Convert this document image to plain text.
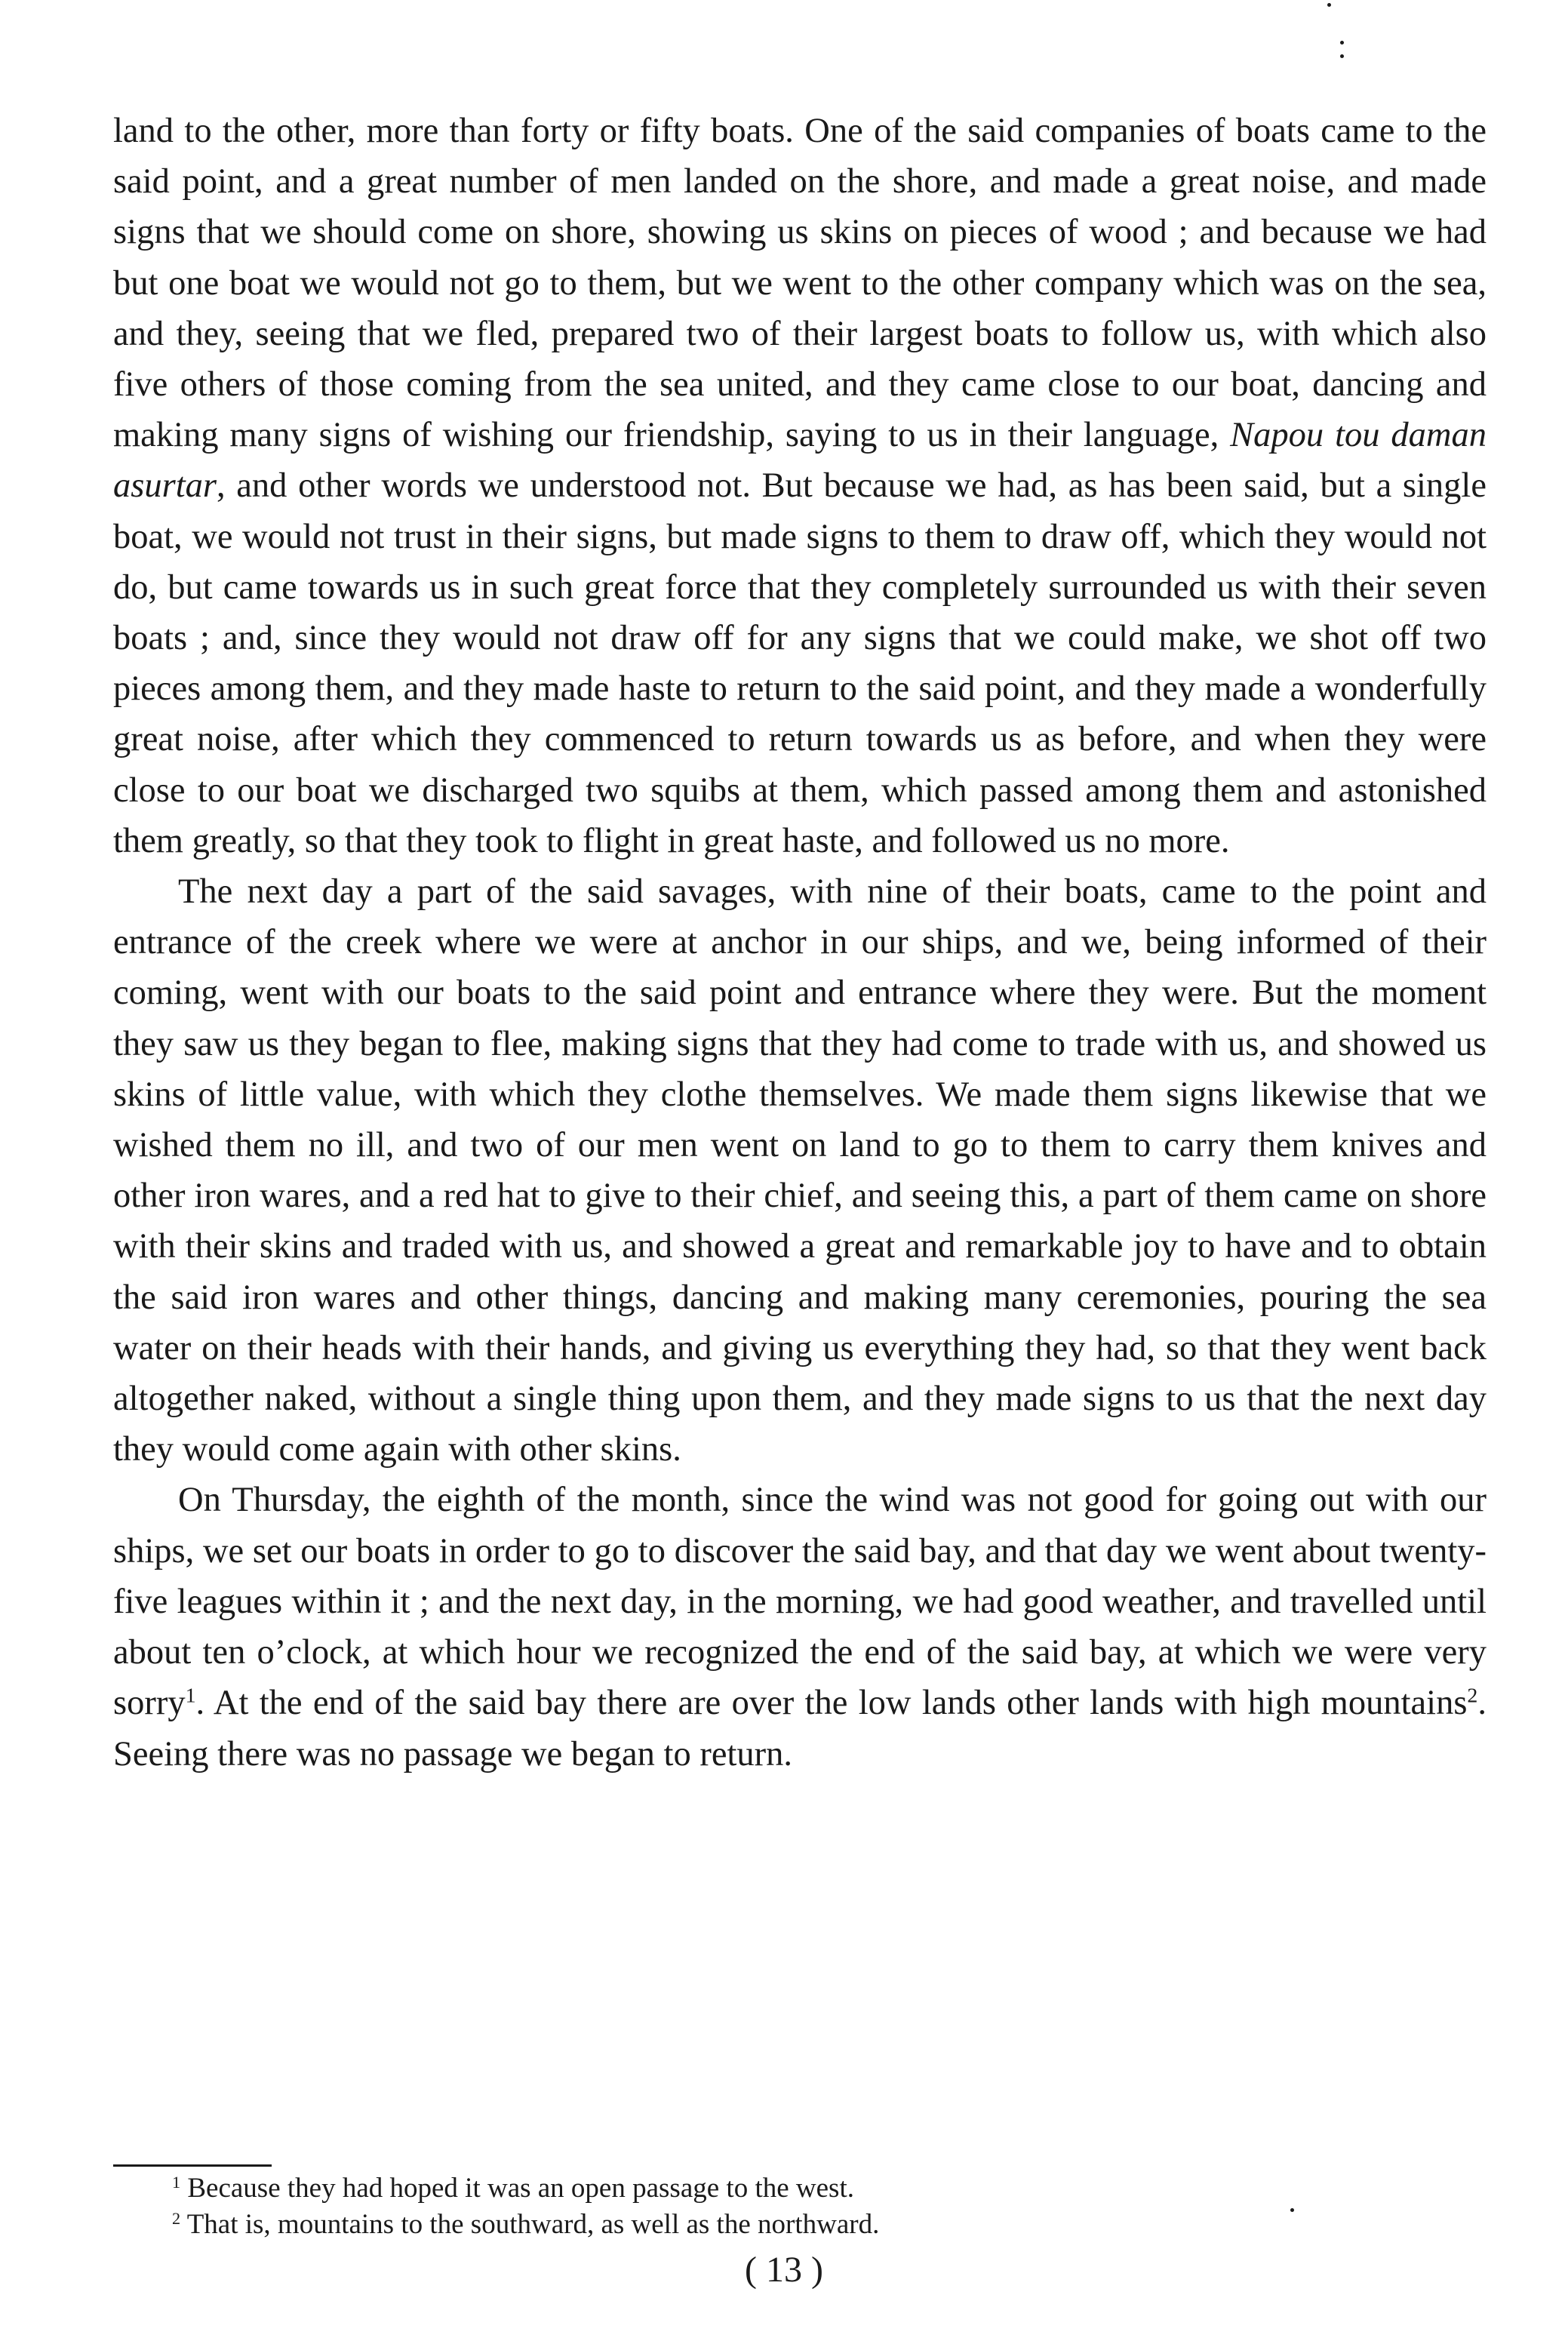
land to the other, more than forty or fifty boats. One of the said companies of boats came to the said point, and a great number of men landed on the shore, and made a great noise, and made signs that we should come on shore, showing us skins on pieces of wood ; and because we had but one boat we would not go to them, but we went to the other company which was on the sea, and they, seeing that we fled, prepared two of their largest boats to follow us, with which also five others of those coming from the sea united, and they came close to our boat, dancing and making many signs of wishing our friendship, saying to us in their language, Napou tou daman asurtar, and other words we understood not. But because we had, as has been said, but a single boat, we would not trust in their signs, but made signs to them to draw off, which they would not do, but came towards us in such great force that they completely surrounded us with their seven boats ; and, since they would not draw off for any signs that we could make, we shot off two pieces among them, and they made haste to return to the said point, and they made a wonderfully great noise, after which they commenced to return towards us as before, and when they were close to our boat we discharged two squibs at them, which passed among them and astonished them greatly, so that they took to flight in great haste, and followed us no more.

The next day a part of the said savages, with nine of their boats, came to the point and entrance of the creek where we were at anchor in our ships, and we, being informed of their coming, went with our boats to the said point and entrance where they were. But the moment they saw us they began to flee, making signs that they had come to trade with us, and showed us skins of little value, with which they clothe themselves. We made them signs likewise that we wished them no ill, and two of our men went on land to go to them to carry them knives and other iron wares, and a red hat to give to their chief, and seeing this, a part of them came on shore with their skins and traded with us, and showed a great and remarkable joy to have and to obtain the said iron wares and other things, dancing and making many ceremonies, pouring the sea water on their heads with their hands, and giving us everything they had, so that they went back altogether naked, without a single thing upon them, and they made signs to us that the next day they would come again with other skins.

On Thursday, the eighth of the month, since the wind was not good for going out with our ships, we set our boats in order to go to discover the said bay, and that day we went about twenty-five leagues within it ; and the next day, in the morning, we had good weather, and travelled until about ten o’clock, at which hour we recognized the end of the said bay, at which we were very sorry$^1$. At the end of the said bay there are over the low lands other lands with high mountains$^2$. Seeing there was no passage we began to return.

$^1$ Because they had hoped it was an open passage to the west.

$^2$ That is, mountains to the southward, as well as the northward.

( 13 )
